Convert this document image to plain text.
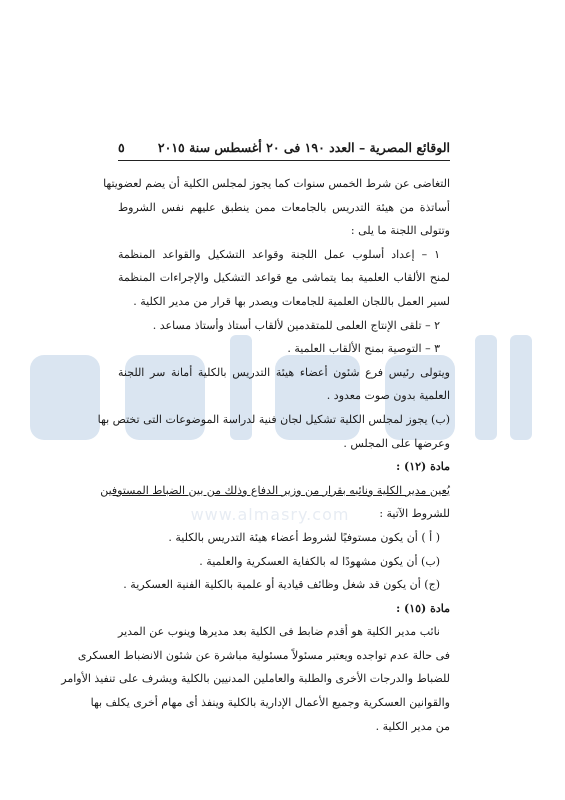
www.almasry.com
الوقائع المصرية – العدد ١٩٠ فى ٢٠ أغسطس سنة ٢٠١٥
٥
التغاضى عن شرط الخمس سنوات كما يجوز لمجلس الكلية أن يضم لعضويتها
أساتذة من هيئة التدريس بالجامعات ممن ينطبق عليهم نفس الشروط
وتتولى اللجنة ما يلى :
١ – إعداد أسلوب عمل اللجنة وقواعد التشكيل والقواعد المنظمة
لمنح الألقاب العلمية بما يتماشى مع قواعد التشكيل والإجراءات المنظمة
لسير العمل باللجان العلمية للجامعات ويصدر بها قرار من مدير الكلية .
٢ – تلقى الإنتاج العلمى للمتقدمين لألقاب أستاذ وأستاذ مساعد .
٣ – التوصية بمنح الألقاب العلمية .
ويتولى رئيس فرع شئون أعضاء هيئة التدريس بالكلية أمانة سر اللجنة
العلمية بدون صوت معدود .
(ب) يجوز لمجلس الكلية تشكيل لجان فنية لدراسة الموضوعات التى تختص بها
وعرضها على المجلس .
مادة (١٢) :
يُعين مدير الكلية ونائبه بقرار من وزير الدفاع وذلك من بين الضباط المستوفين
للشروط الآتية :
( أ ) أن يكون مستوفيًا لشروط أعضاء هيئة التدريس بالكلية .
(ب) أن يكون مشهودًا له بالكفاية العسكرية والعلمية .
(ج) أن يكون قد شغل وظائف قيادية أو علمية بالكلية الفنية العسكرية .
مادة (١٥) :
نائب مدير الكلية هو أقدم ضابط فى الكلية بعد مديرها وينوب عن المدير
فى حالة عدم تواجده ويعتبر مسئولاً مسئولية مباشرة عن شئون الانضباط العسكرى
للضباط والدرجات الأخرى والطلبة والعاملين المدنيين بالكلية ويشرف على تنفيذ الأوامر
والقوانين العسكرية وجميع الأعمال الإدارية بالكلية وينفذ أى مهام أخرى يكلف بها
من مدير الكلية .
